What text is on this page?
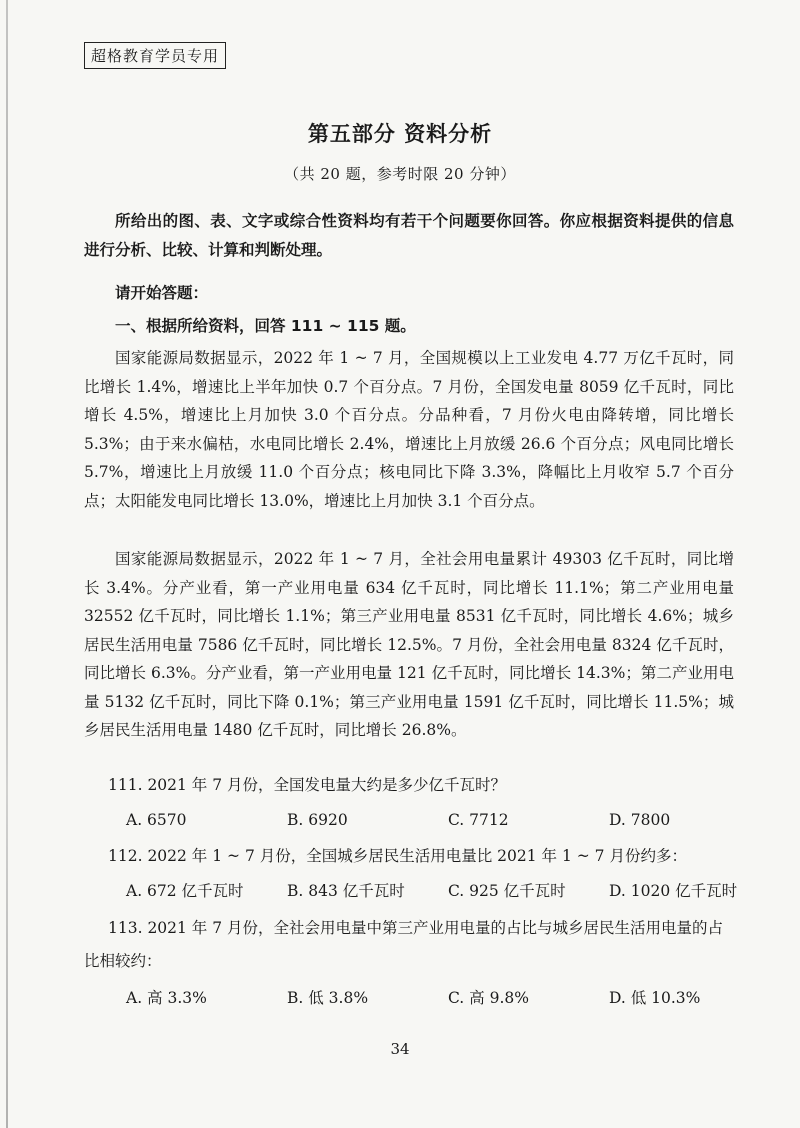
超格教育学员专用
第五部分 资料分析
（共 20 题，参考时限 20 分钟）
所给出的图、表、文字或综合性资料均有若干个问题要你回答。你应根据资料提供的信息进行分析、比较、计算和判断处理。
请开始答题：
一、根据所给资料，回答 111 ~ 115 题。
国家能源局数据显示，2022 年 1 ~ 7 月，全国规模以上工业发电 4.77 万亿千瓦时，同比增长 1.4%，增速比上半年加快 0.7 个百分点。7 月份，全国发电量 8059 亿千瓦时，同比增长 4.5%，增速比上月加快 3.0 个百分点。分品种看，7 月份火电由降转增，同比增长 5.3%；由于来水偏枯，水电同比增长 2.4%，增速比上月放缓 26.6 个百分点；风电同比增长 5.7%，增速比上月放缓 11.0 个百分点；核电同比下降 3.3%，降幅比上月收窄 5.7 个百分点；太阳能发电同比增长 13.0%，增速比上月加快 3.1 个百分点。
国家能源局数据显示，2022 年 1 ~ 7 月，全社会用电量累计 49303 亿千瓦时，同比增长 3.4%。分产业看，第一产业用电量 634 亿千瓦时，同比增长 11.1%；第二产业用电量 32552 亿千瓦时，同比增长 1.1%；第三产业用电量 8531 亿千瓦时，同比增长 4.6%；城乡居民生活用电量 7586 亿千瓦时，同比增长 12.5%。7 月份，全社会用电量 8324 亿千瓦时，同比增长 6.3%。分产业看，第一产业用电量 121 亿千瓦时，同比增长 14.3%；第二产业用电量 5132 亿千瓦时，同比下降 0.1%；第三产业用电量 1591 亿千瓦时，同比增长 11.5%；城乡居民生活用电量 1480 亿千瓦时，同比增长 26.8%。
111. 2021 年 7 月份，全国发电量大约是多少亿千瓦时？
A. 6570	B. 6920	C. 7712	D. 7800
112. 2022 年 1 ~ 7 月份，全国城乡居民生活用电量比 2021 年 1 ~ 7 月份约多：
A. 672 亿千瓦时	B. 843 亿千瓦时	C. 925 亿千瓦时	D. 1020 亿千瓦时
113. 2021 年 7 月份，全社会用电量中第三产业用电量的占比与城乡居民生活用电量的占比相较约：
A. 高 3.3%	B. 低 3.8%	C. 高 9.8%	D. 低 10.3%
34
